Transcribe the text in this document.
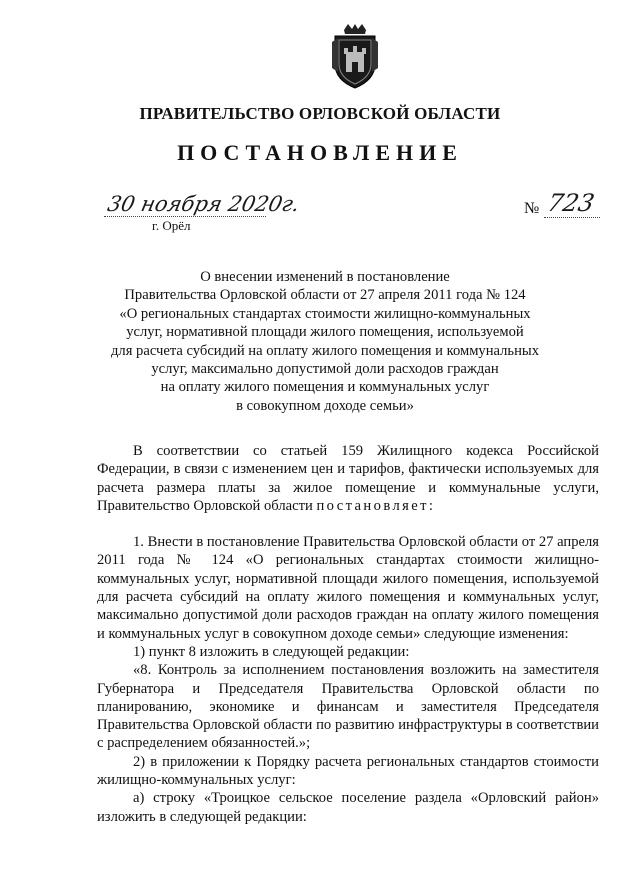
ПРАВИТЕЛЬСТВО ОРЛОВСКОЙ ОБЛАСТИ
ПОСТАНОВЛЕНИЕ
30 ноября 2020г.
г. Орёл
№ 723
О внесении изменений в постановление
Правительства Орловской области от 27 апреля 2011 года № 124
«О региональных стандартах стоимости жилищно-коммунальных
услуг, нормативной площади жилого помещения, используемой
для расчета субсидий на оплату жилого помещения и коммунальных
услуг, максимально допустимой доли расходов граждан
на оплату жилого помещения и коммунальных услуг
в совокупном доходе семьи»

В соответствии со статьей 159 Жилищного кодекса Российской Федерации, в связи с изменением цен и тарифов, фактически используемых для расчета размера платы за жилое помещение и коммунальные услуги, Правительство Орловской области постановляет:

1. Внести в постановление Правительства Орловской области от 27 апреля 2011 года № 124 «О региональных стандартах стоимости жилищно-коммунальных услуг, нормативной площади жилого помещения, используемой для расчета субсидий на оплату жилого помещения и коммунальных услуг, максимально допустимой доли расходов граждан на оплату жилого помещения и коммунальных услуг в совокупном доходе семьи» следующие изменения:

1) пункт 8 изложить в следующей редакции:

«8. Контроль за исполнением постановления возложить на заместителя Губернатора и Председателя Правительства Орловской области по планированию, экономике и финансам и заместителя Председателя Правительства Орловской области по развитию инфраструктуры в соответствии с распределением обязанностей.»;

2) в приложении к Порядку расчета региональных стандартов стоимости жилищно-коммунальных услуг:

а) строку «Троицкое сельское поселение раздела «Орловский район» изложить в следующей редакции:
